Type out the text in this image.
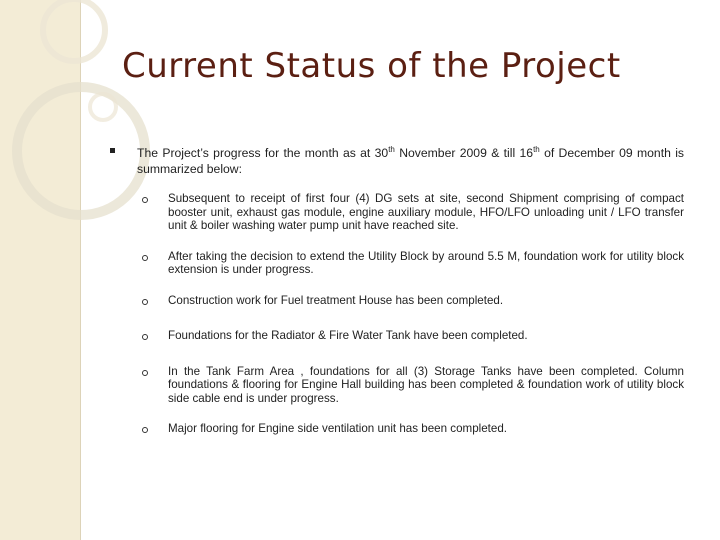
Current Status of the Project
The Project’s progress for the month as at 30th November 2009 & till 16th of December 09 month is summarized below:
Subsequent to receipt of first four (4) DG sets at site, second Shipment comprising of compact booster unit, exhaust gas module, engine auxiliary module, HFO/LFO unloading unit / LFO transfer unit & boiler washing water pump unit have reached site.
After taking the decision to extend the Utility Block by around 5.5 M, foundation work for utility block extension is under progress.
Construction work for Fuel treatment House has been completed.
Foundations for the Radiator & Fire Water Tank have been completed.
In the Tank Farm Area , foundations for all (3) Storage Tanks have been completed. Column foundations & flooring for Engine Hall building has been completed & foundation work of utility block side cable end is under progress.
Major flooring for Engine side ventilation unit has been completed.
